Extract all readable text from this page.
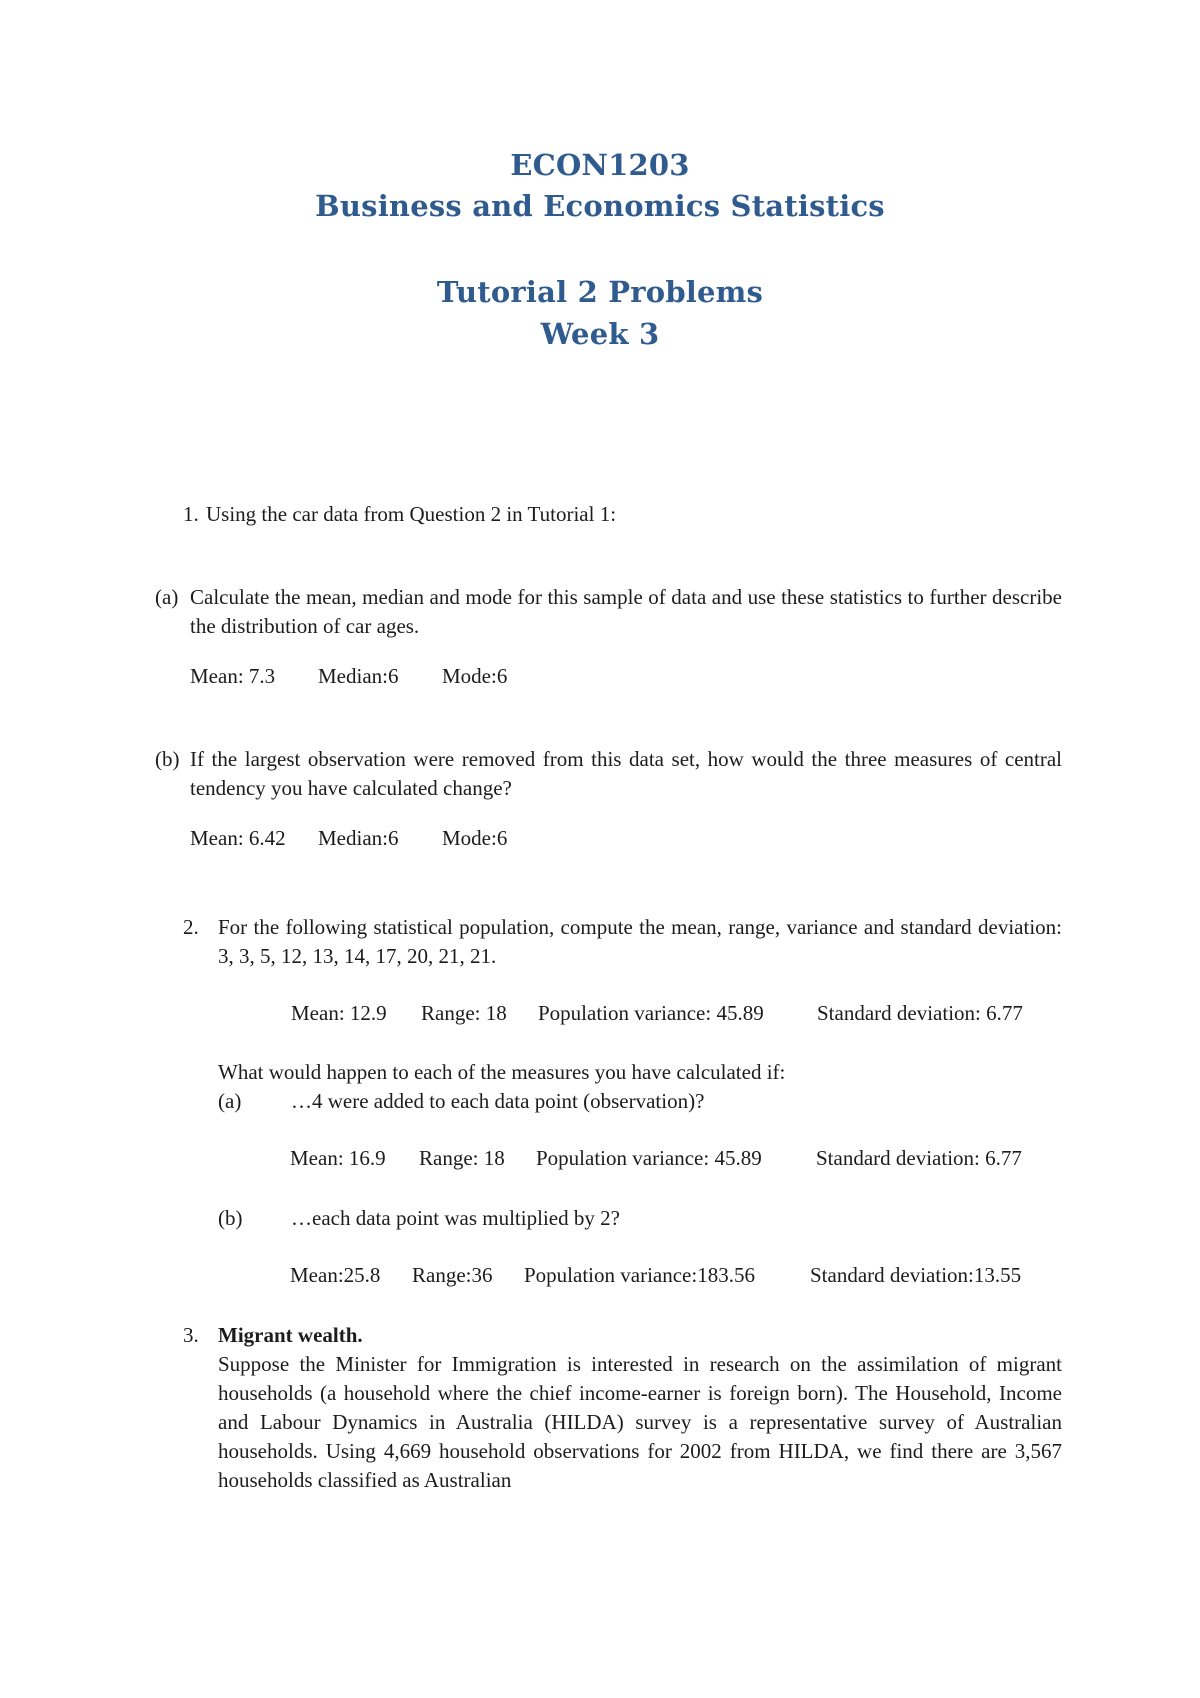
ECON1203
Business and Economics Statistics
Tutorial 2 Problems
Week 3
1. Using the car data from Question 2 in Tutorial 1:
(a) Calculate the mean, median and mode for this sample of data and use these statistics to further describe the distribution of car ages.
Mean: 7.3 Median:6 Mode:6
(b) If the largest observation were removed from this data set, how would the three measures of central tendency you have calculated change?
Mean: 6.42 Median:6 Mode:6
2. For the following statistical population, compute the mean, range, variance and standard deviation: 3, 3, 5, 12, 13, 14, 17, 20, 21, 21.
Mean: 12.9 Range: 18 Population variance: 45.89	Standard deviation: 6.77
What would happen to each of the measures you have calculated if:
(a) …4 were added to each data point (observation)?
Mean: 16.9 Range: 18 Population variance: 45.89	Standard deviation: 6.77
(b) …each data point was multiplied by 2?
Mean:25.8 Range:36 Population variance:183.56	Standard deviation:13.55
3. Migrant wealth.
Suppose the Minister for Immigration is interested in research on the assimilation of migrant households (a household where the chief income-earner is foreign born). The Household, Income and Labour Dynamics in Australia (HILDA) survey is a representative survey of Australian households. Using 4,669 household observations for 2002 from HILDA, we find there are 3,567 households classified as Australian
